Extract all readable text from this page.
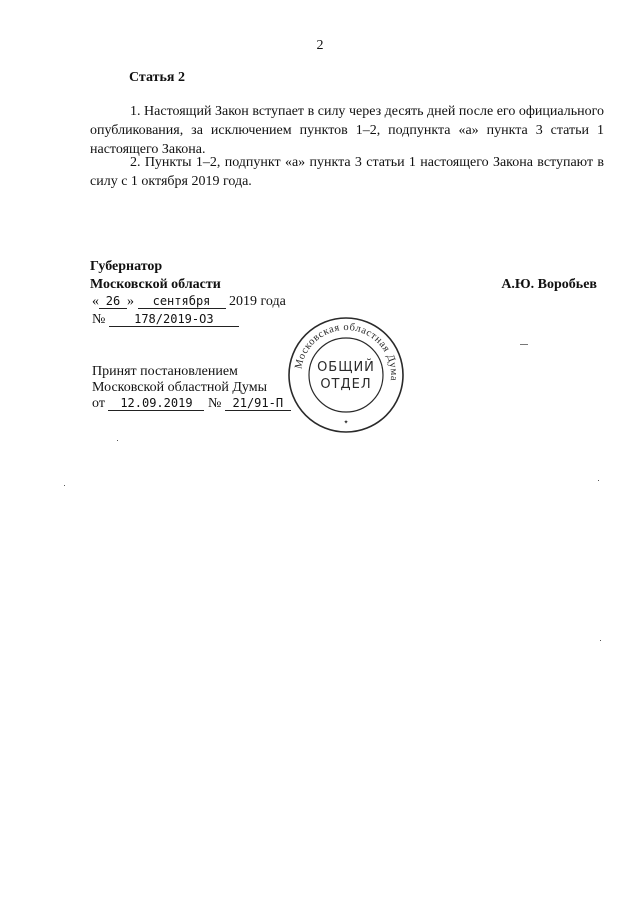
2
Статья 2

1. Настоящий Закон вступает в силу через десять дней после его официального опубликования, за исключением пунктов 1–2, подпункта «а» пункта 3 статьи 1 настоящего Закона.

2. Пункты 1–2, подпункт «а» пункта 3 статьи 1 настоящего Закона вступают в силу с 1 октября 2019 года.

Губернатор
Московской области	А.Ю. Воробьев
« 26 » сентября 2019 года
№ 178/2019-ОЗ
Принят постановлением
Московской областной Думы
от 12.09.2019 № 21/91-П
Московская областная Дума
ОБЩИЙ
ОТДЕЛ
✦
